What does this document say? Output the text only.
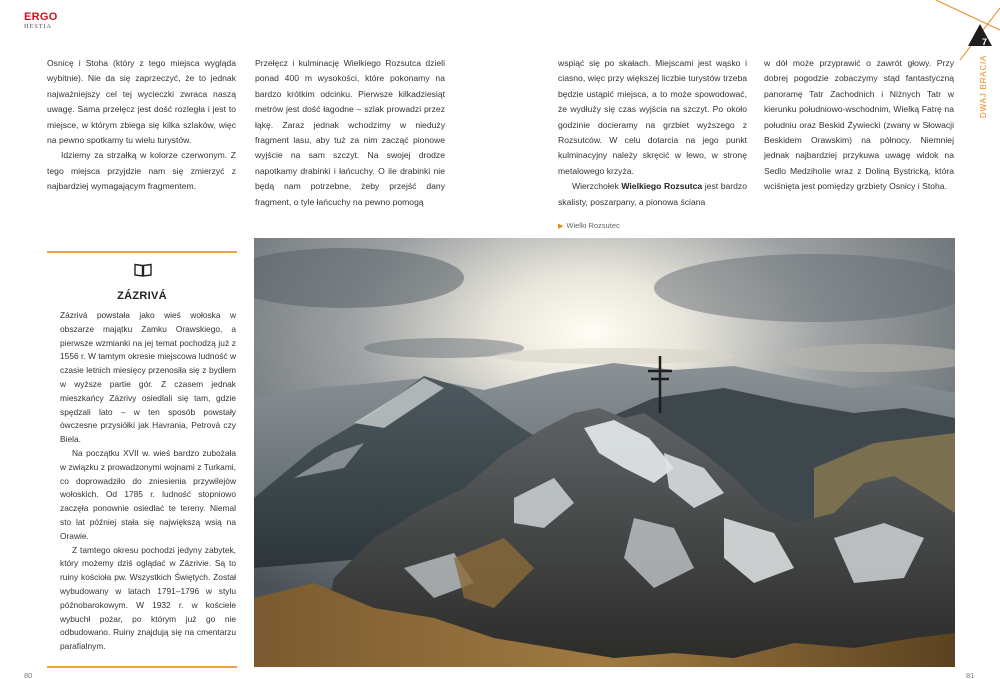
ERGO
HESTIA
7
DWAJ BRACIA

Osnicę i Stoha (który z tego miejsca wygląda wybitnie). Nie da się zaprzeczyć, że to jednak najważniejszy cel tej wycieczki zwraca naszą uwagę. Sama przełęcz jest dość rozległa i jest to miejsce, w którym zbiega się kilka szlaków, więc na pewno spotkamy tu wielu turystów.

Idziemy za strzałką w kolorze czerwonym. Z tego miejsca przyjdzie nam się zmierzyć z najbardziej wymagającym fragmentem.

Przełęcz i kulminację Wielkiego Rozsutca dzieli ponad 400 m wysokości, które pokonamy na bardzo krótkim odcinku. Pierwsze kilkadziesiąt metrów jest dość łagodne – szlak prowadzi przez łąkę. Zaraz jednak wchodzimy w nieduży fragment lasu, aby tuż za nim zacząć pionowe wyjście na sam szczyt. Na swojej drodze napotkamy drabinki i łańcuchy. O ile drabinki nie będą nam potrzebne, żeby przejść dany fragment, o tyle łańcuchy na pewno pomogą

wspiąć się po skałach. Miejscami jest wąsko i ciasno, więc przy większej liczbie turystów trzeba będzie ustąpić miejsca, a to może spowodować, że wydłuży się czas wyjścia na szczyt. Po około godzinie docieramy na grzbiet wyższego z Rozsutców. W celu dotarcia na jego punkt kulminacyjny należy skręcić w lewo, w stronę metalowego krzyża.

Wierzchołek Wielkiego Rozsutca jest bardzo skalisty, poszarpany, a pionowa ściana

w dół może przyprawić o zawrót głowy. Przy dobrej pogodzie zobaczymy stąd fantastyczną panoramę Tatr Zachodnich i Niżnych Tatr w kierunku południowo-wschodnim, Wielką Fatrę na południu oraz Beskid Żywiecki (zwany w Słowacji Beskidem Orawskim) na północy. Niemniej jednak najbardziej przykuwa uwagę widok na Sedlo Medziholie wraz z Doliną Bystricką, która wciśnięta jest pomiędzy grzbiety Osnicy i Stoha.

▶ Wielki Rozsutec
ZÁZRIVÁ

Zázrivá powstała jako wieś wołoska w obszarze majątku Zamku Orawskiego, a pierwsze wzmianki na jej temat pochodzą już z 1556 r. W tamtym okresie miejscowa ludność w czasie letnich miesięcy przenosiła się z bydłem w wyższe partie gór. Z czasem jednak mieszkańcy Zázrivy osiedlali się tam, gdzie spędzali lato – w ten sposób powstały ówczesne przysiółki jak Havrania, Petrová czy Biela.

Na początku XVII w. wieś bardzo zubożała w związku z prowadzonymi wojnami z Turkami, co doprowadziło do zniesienia przywilejów wołoskich. Od 1785 r. ludność stopniowo zaczęła ponownie osiedlać te tereny. Niemal sto lat później stała się największą wsią na Orawie.

Z tamtego okresu pochodzi jedyny zabytek, który możemy dziś oglądać w Zázrivie. Są to ruiny kościoła pw. Wszystkich Świętych. Został wybudowany w latach 1791–1796 w stylu późnobarokowym. W 1932 r. w kościele wybuchł pożar, po którym już go nie odbudowano. Ruiny znajdują się na cmentarzu parafialnym.

80	81
